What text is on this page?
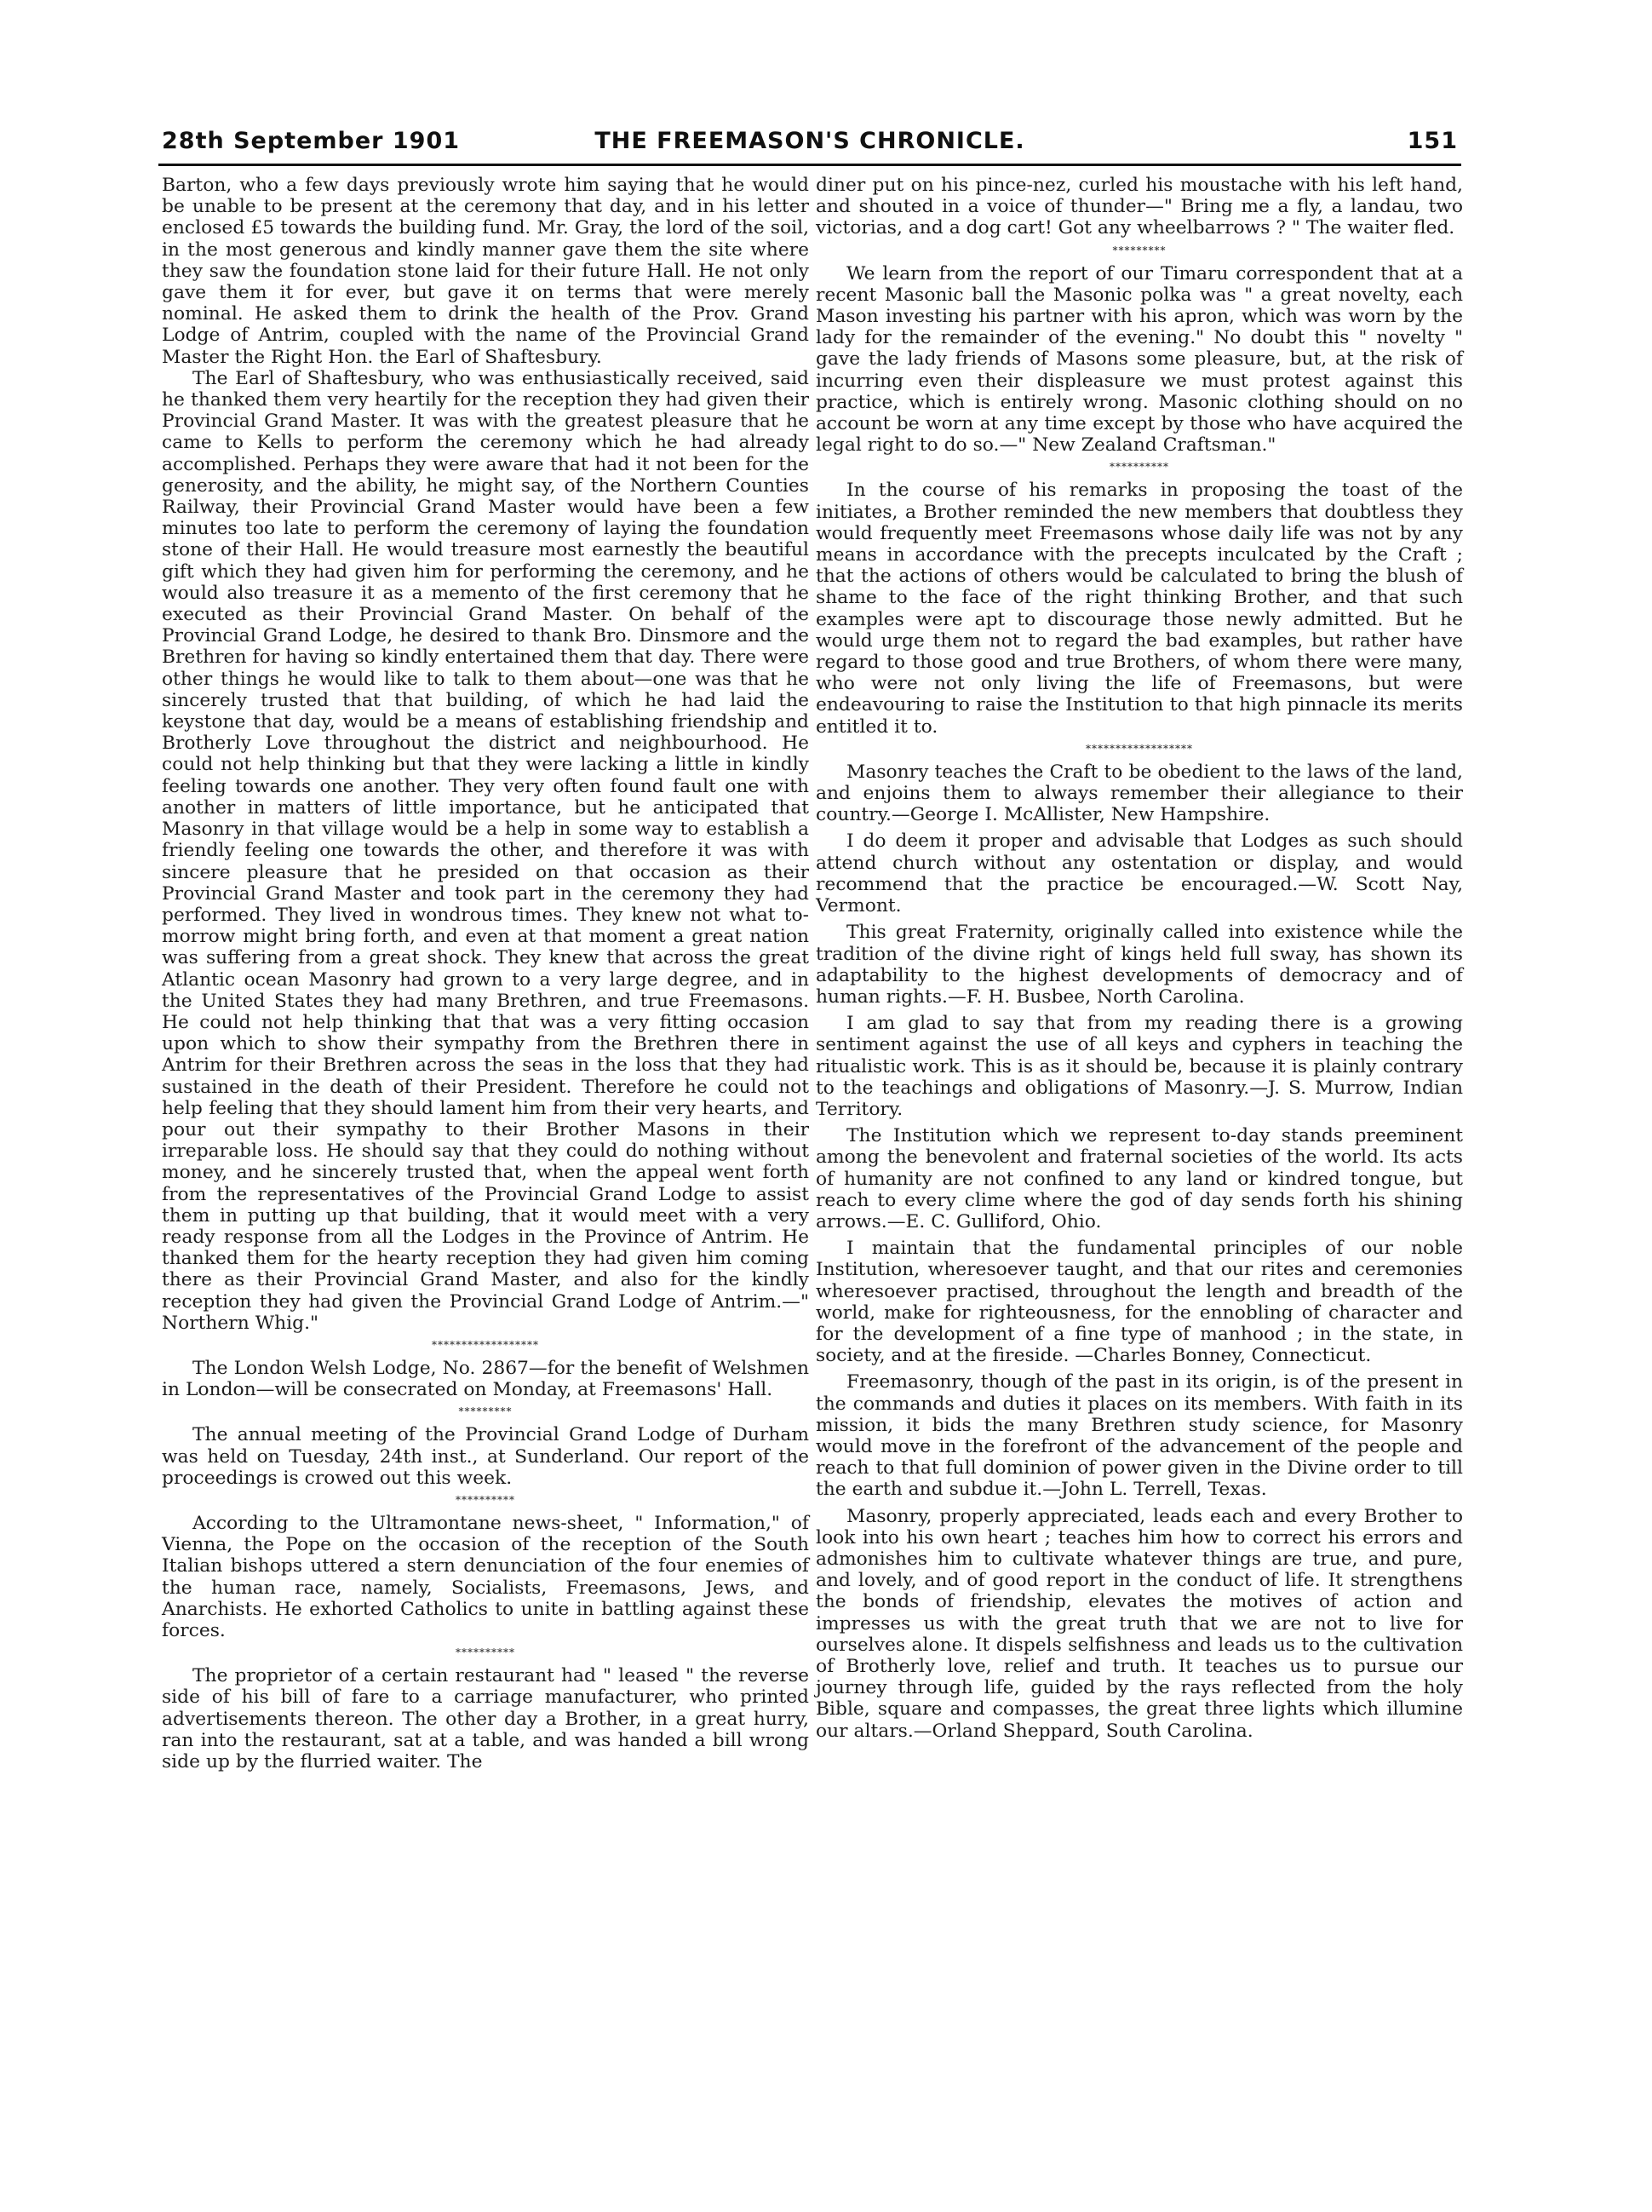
28th September 1901	THE FREEMASON'S CHRONICLE.	151

Barton, who a few days previously wrote him saying that he would be unable to be present at the ceremony that day, and in his letter enclosed £5 towards the building fund. Mr. Gray, the lord of the soil, in the most generous and kindly manner gave them the site where they saw the foundation stone laid for their future Hall. He not only gave them it for ever, but gave it on terms that were merely nominal. He asked them to drink the health of the Prov. Grand Lodge of Antrim, coupled with the name of the Provincial Grand Master the Right Hon. the Earl of Shaftesbury.

The Earl of Shaftesbury, who was enthusiastically received, said he thanked them very heartily for the reception they had given their Provincial Grand Master. It was with the greatest pleasure that he came to Kells to perform the ceremony which he had already accomplished. Perhaps they were aware that had it not been for the generosity, and the ability, he might say, of the Northern Counties Railway, their Provincial Grand Master would have been a few minutes too late to perform the ceremony of laying the foundation stone of their Hall. He would treasure most earnestly the beautiful gift which they had given him for performing the ceremony, and he would also treasure it as a memento of the first ceremony that he executed as their Provincial Grand Master. On behalf of the Provincial Grand Lodge, he desired to thank Bro. Dinsmore and the Brethren for having so kindly entertained them that day. There were other things he would like to talk to them about—one was that he sincerely trusted that that building, of which he had laid the keystone that day, would be a means of establishing friendship and Brotherly Love throughout the district and neighbourhood. He could not help thinking but that they were lacking a little in kindly feeling towards one another. They very often found fault one with another in matters of little importance, but he anticipated that Masonry in that village would be a help in some way to establish a friendly feeling one towards the other, and therefore it was with sincere pleasure that he presided on that occasion as their Provincial Grand Master and took part in the ceremony they had performed. They lived in wondrous times. They knew not what to-morrow might bring forth, and even at that moment a great nation was suffering from a great shock. They knew that across the great Atlantic ocean Masonry had grown to a very large degree, and in the United States they had many Brethren, and true Freemasons. He could not help thinking that that was a very fitting occasion upon which to show their sympathy from the Brethren there in Antrim for their Brethren across the seas in the loss that they had sustained in the death of their President. Therefore he could not help feeling that they should lament him from their very hearts, and pour out their sympathy to their Brother Masons in their irreparable loss. He should say that they could do nothing without money, and he sincerely trusted that, when the appeal went forth from the representatives of the Provincial Grand Lodge to assist them in putting up that building, that it would meet with a very ready response from all the Lodges in the Province of Antrim. He thanked them for the hearty reception they had given him coming there as their Provincial Grand Master, and also for the kindly reception they had given the Provincial Grand Lodge of Antrim.—" Northern Whig."

******************

The London Welsh Lodge, No. 2867—for the benefit of Welshmen in London—will be consecrated on Monday, at Freemasons' Hall.

*********

The annual meeting of the Provincial Grand Lodge of Durham was held on Tuesday, 24th inst., at Sunderland. Our report of the proceedings is crowed out this week.

**********

According to the Ultramontane news-sheet, " Information," of Vienna, the Pope on the occasion of the reception of the South Italian bishops uttered a stern denunciation of the four enemies of the human race, namely, Socialists, Freemasons, Jews, and Anarchists. He exhorted Catholics to unite in battling against these forces.

**********

The proprietor of a certain restaurant had " leased " the reverse side of his bill of fare to a carriage manufacturer, who printed advertisements thereon. The other day a Brother, in a great hurry, ran into the restaurant, sat at a table, and was handed a bill wrong side up by the flurried waiter. The

diner put on his pince-nez, curled his moustache with his left hand, and shouted in a voice of thunder—" Bring me a fly, a landau, two victorias, and a dog cart! Got any wheelbarrows ? " The waiter fled.

*********

We learn from the report of our Timaru correspondent that at a recent Masonic ball the Masonic polka was " a great novelty, each Mason investing his partner with his apron, which was worn by the lady for the remainder of the evening." No doubt this " novelty " gave the lady friends of Masons some pleasure, but, at the risk of incurring even their displeasure we must protest against this practice, which is entirely wrong. Masonic clothing should on no account be worn at any time except by those who have acquired the legal right to do so.—" New Zealand Craftsman."

**********

In the course of his remarks in proposing the toast of the initiates, a Brother reminded the new members that doubtless they would frequently meet Freemasons whose daily life was not by any means in accordance with the precepts inculcated by the Craft ; that the actions of others would be calculated to bring the blush of shame to the face of the right thinking Brother, and that such examples were apt to discourage those newly admitted. But he would urge them not to regard the bad examples, but rather have regard to those good and true Brothers, of whom there were many, who were not only living the life of Freemasons, but were endeavouring to raise the Institution to that high pinnacle its merits entitled it to.

******************

Masonry teaches the Craft to be obedient to the laws of the land, and enjoins them to always remember their allegiance to their country.—George I. McAllister, New Hampshire.

I do deem it proper and advisable that Lodges as such should attend church without any ostentation or display, and would recommend that the practice be encouraged.—W. Scott Nay, Vermont.

This great Fraternity, originally called into existence while the tradition of the divine right of kings held full sway, has shown its adaptability to the highest developments of democracy and of human rights.—F. H. Busbee, North Carolina.

I am glad to say that from my reading there is a growing sentiment against the use of all keys and cyphers in teaching the ritualistic work. This is as it should be, because it is plainly contrary to the teachings and obligations of Masonry.—J. S. Murrow, Indian Territory.

The Institution which we represent to-day stands preeminent among the benevolent and fraternal societies of the world. Its acts of humanity are not confined to any land or kindred tongue, but reach to every clime where the god of day sends forth his shining arrows.—E. C. Gulliford, Ohio.

I maintain that the fundamental principles of our noble Institution, wheresoever taught, and that our rites and ceremonies wheresoever practised, throughout the length and breadth of the world, make for righteousness, for the ennobling of character and for the development of a fine type of manhood ; in the state, in society, and at the fireside. —Charles Bonney, Connecticut.

Freemasonry, though of the past in its origin, is of the present in the commands and duties it places on its members. With faith in its mission, it bids the many Brethren study science, for Masonry would move in the forefront of the advancement of the people and reach to that full dominion of power given in the Divine order to till the earth and subdue it.—John L. Terrell, Texas.

Masonry, properly appreciated, leads each and every Brother to look into his own heart ; teaches him how to correct his errors and admonishes him to cultivate whatever things are true, and pure, and lovely, and of good report in the conduct of life. It strengthens the bonds of friendship, elevates the motives of action and impresses us with the great truth that we are not to live for ourselves alone. It dispels selfishness and leads us to the cultivation of Brotherly love, relief and truth. It teaches us to pursue our journey through life, guided by the rays reflected from the holy Bible, square and compasses, the great three lights which illumine our altars.—Orland Sheppard, South Carolina.
